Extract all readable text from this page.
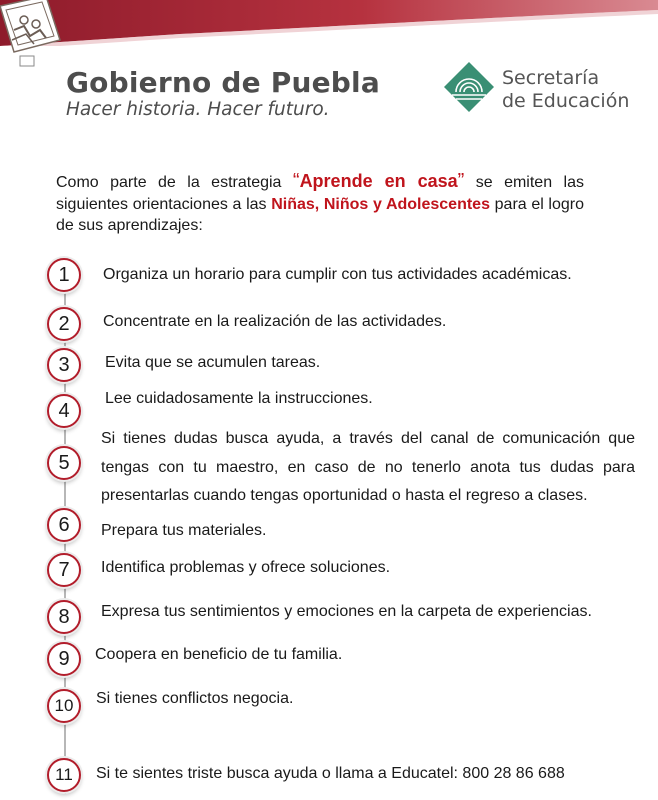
Gobierno de Puebla
Hacer historia. Hacer futuro.
Secretaría
de Educación

Como parte de la estrategia “Aprende en casa” se emiten las siguientes orientaciones a las Niñas, Niños y Adolescentes para el logro de sus aprendizajes:

1	Organiza un horario para cumplir con tus actividades académicas.
2	Concentrate en la realización de las actividades.
3	Evita que se acumulen tareas.
4
Lee cuidadosamente la instrucciones.
5
Si tienes dudas busca ayuda, a través del canal de comunicación que tengas con tu maestro, en caso de no tenerlo anota tus dudas para presentarlas cuando tengas oportunidad o hasta el regreso a clases.
6	Prepara tus materiales.
7	Identifica problemas y ofrece soluciones.
8	Expresa tus sentimientos y emociones en la carpeta de experiencias.
9	Coopera en beneficio de tu familia.
10	Si tienes conflictos negocia.
11	Si te sientes triste busca ayuda o llama a Educatel: 800 28 86 688
